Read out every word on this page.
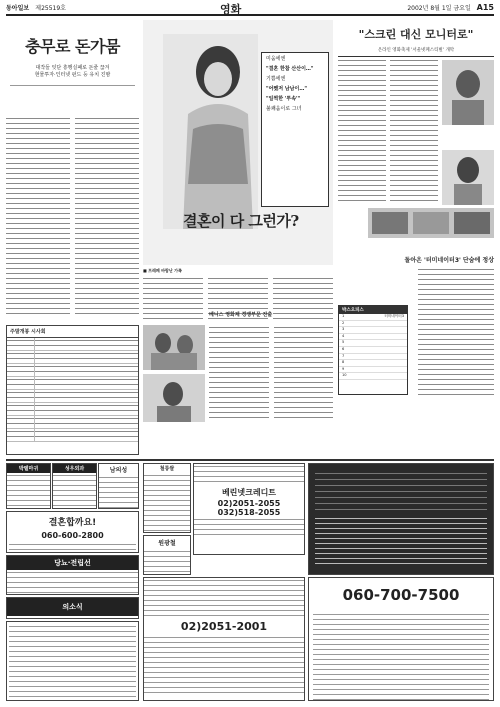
동아일보 제25519호	영화	2002년 8월 1일 금요일 A15
충무로 돈가뭄
대작들 잇단 흥행실패로 돈줄 끊겨
현물투자·인터넷 펀드 등 유치 진땀
미움에엔
"결혼 한참 산산이…"
기쁨에엔
"어쨌저 남남이…"
"일찍한 '투속'"
불쾌움이로 그녀
결혼이 다 그런가?
■ 프레페 바람난 가족
베니스 영화제 경쟁부문 진출
"스크린 대신 모니터로"
온라인 영화축제 '서울넷페스티벌' 개막
돌아온 '터미네이터3' 단숨에 정상
박스오피스
1	터미네이터3
2
3
4
5
6
7
8
9
10
주말개봉 시사회
박텔마귀	성우외과	남의성	철롱쌀
결혼합까요!
060-600-2800
당뇨·전립선
의소식
베린넷크레디트
02)2051-2055
032)518-2055
원광철
02)2051-2001
060-700-7500
